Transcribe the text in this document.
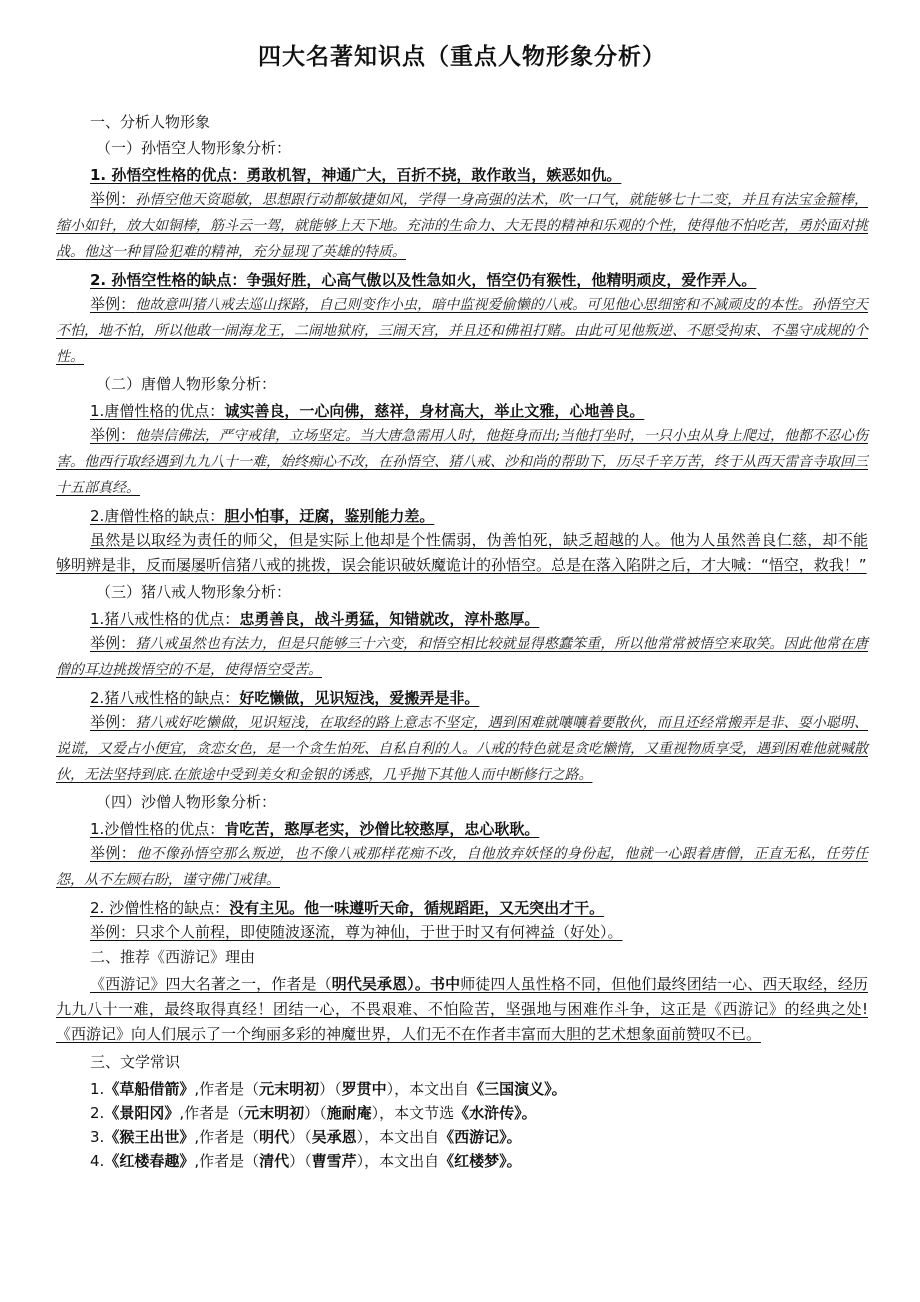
四大名著知识点（重点人物形象分析）

一、分析人物形象

（一）孙悟空人物形象分析：

1. 孙悟空性格的优点：勇敢机智，神通广大，百折不挠，敢作敢当，嫉恶如仇。

举例：孙悟空他天资聪敏，思想跟行动都敏捷如风，学得一身高强的法术，吹一口气，就能够七十二变，并且有法宝金箍棒，缩小如针，放大如铜棒，筋斗云一驾，就能够上天下地。充沛的生命力、大无畏的精神和乐观的个性，使得他不怕吃苦，勇於面对挑战。他这一种冒险犯难的精神，充分显现了英雄的特质。

2. 孙悟空性格的缺点：争强好胜，心高气傲以及性急如火，悟空仍有猴性，他精明顽皮，爱作弄人。

举例：他故意叫猪八戒去巡山探路，自己则变作小虫，暗中监视爱偷懒的八戒。可见他心思细密和不减顽皮的本性。孙悟空天不怕，地不怕，所以他敢一闹海龙王，二闹地狱府，三闹天宫，并且还和佛祖打赌。由此可见他叛逆、不愿受拘束、不墨守成规的个性。

（二）唐僧人物形象分析：

1.唐僧性格的优点：诚实善良，一心向佛，慈祥，身材高大，举止文雅，心地善良。

举例：他崇信佛法，严守戒律，立场坚定。当大唐急需用人时，他挺身而出;当他打坐时，一只小虫从身上爬过，他都不忍心伤害。他西行取经遇到九九八十一难，始终痴心不改，在孙悟空、猪八戒、沙和尚的帮助下，历尽千辛万苦，终于从西天雷音寺取回三十五部真经。

2.唐僧性格的缺点：胆小怕事，迂腐，鉴别能力差。

虽然是以取经为责任的师父，但是实际上他却是个性儒弱，伪善怕死，缺乏超越的人。他为人虽然善良仁慈，却不能够明辨是非，反而屡屡听信猪八戒的挑拨，误会能识破妖魔诡计的孙悟空。总是在落入陷阱之后，才大喊：“悟空，救我！”

（三）猪八戒人物形象分析：

1.猪八戒性格的优点：忠勇善良，战斗勇猛，知错就改，淳朴憨厚。

举例：猪八戒虽然也有法力，但是只能够三十六变，和悟空相比较就显得憨蠢笨重，所以他常常被悟空来取笑。因此他常在唐僧的耳边挑拨悟空的不是，使得悟空受苦。

2.猪八戒性格的缺点：好吃懒做，见识短浅，爱搬弄是非。

举例：猪八戒好吃懒做，见识短浅，在取经的路上意志不坚定，遇到困难就嚷嚷着要散伙，而且还经常搬弄是非、耍小聪明、说谎，又爱占小便宜，贪恋女色，是一个贪生怕死、自私自利的人。八戒的特色就是贪吃懒惰，又重视物质享受，遇到困难他就喊散伙，无法坚持到底.在旅途中受到美女和金银的诱惑，几乎抛下其他人而中断修行之路。

（四）沙僧人物形象分析：

1.沙僧性格的优点：肯吃苦，憨厚老实，沙僧比较憨厚，忠心耿耿。

举例：他不像孙悟空那么叛逆，也不像八戒那样花痴不改，自他放弃妖怪的身份起，他就一心跟着唐僧，正直无私，任劳任怨，从不左顾右盼，谨守佛门戒律。

2. 沙僧性格的缺点：没有主见。他一味遵听天命，循规蹈距，又无突出才干。

举例：只求个人前程，即使随波逐流，尊为神仙，于世于时又有何裨益（好处）。

二、推荐《西游记》理由

《西游记》四大名著之一，作者是（明代吴承恩）。书中师徒四人虽性格不同，但他们最终团结一心、西天取经，经历九九八十一难，最终取得真经！团结一心，不畏艰难、不怕险苦，坚强地与困难作斗争，这正是《西游记》的经典之处!《西游记》向人们展示了一个绚丽多彩的神魔世界，人们无不在作者丰富而大胆的艺术想象面前赞叹不已。

三、文学常识

1.《草船借箭》,作者是（元末明初）（罗贯中），本文出自《三国演义》。

2.《景阳冈》,作者是（元末明初）（施耐庵），本文节选《水浒传》。

3.《猴王出世》,作者是（明代）（吴承恩），本文出自《西游记》。

4.《红楼春趣》,作者是（清代）（曹雪芹），本文出自《红楼梦》。
